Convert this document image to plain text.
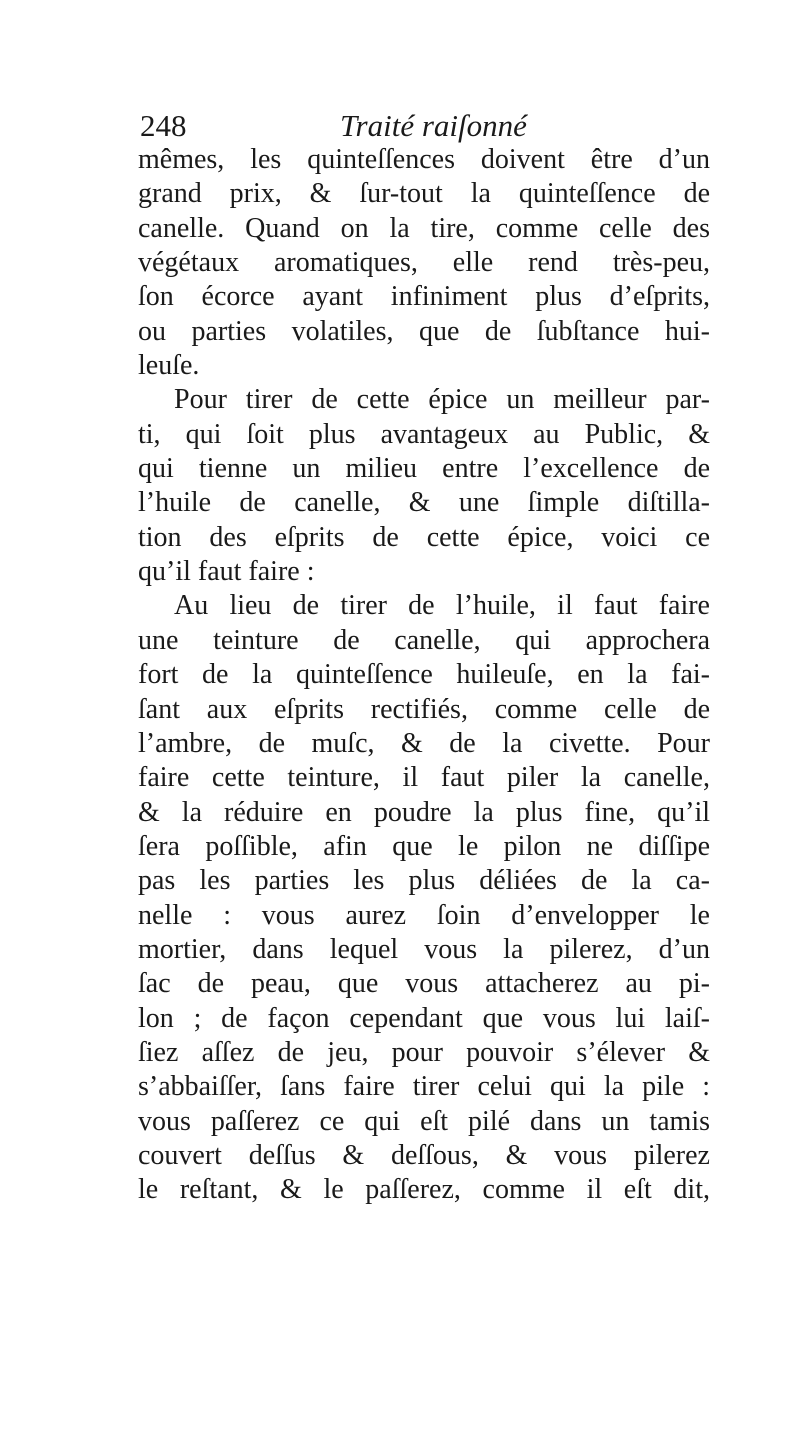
248	Traité raiſonné
mêmes, les quinteſſences doivent être d’un
grand prix, & ſur-tout la quinteſſence de
canelle. Quand on la tire, comme celle des
végétaux aromatiques, elle rend très-peu,
ſon écorce ayant infiniment plus d’eſprits,
ou parties volatiles, que de ſubſtance hui-
leuſe.
Pour tirer de cette épice un meilleur par-
ti, qui ſoit plus avantageux au Public, &
qui tienne un milieu entre l’excellence de
l’huile de canelle, & une ſimple diſtilla-
tion des eſprits de cette épice, voici ce
qu’il faut faire :
Au lieu de tirer de l’huile, il faut faire
une teinture de canelle, qui approchera
fort de la quinteſſence huileuſe, en la fai-
ſant aux eſprits rectifiés, comme celle de
l’ambre, de muſc, & de la civette. Pour
faire cette teinture, il faut piler la canelle,
& la réduire en poudre la plus fine, qu’il
ſera poſſible, afin que le pilon ne diſſipe
pas les parties les plus déliées de la ca-
nelle : vous aurez ſoin d’envelopper le
mortier, dans lequel vous la pilerez, d’un
ſac de peau, que vous attacherez au pi-
lon ; de façon cependant que vous lui laiſ-
ſiez aſſez de jeu, pour pouvoir s’élever &
s’abbaiſſer, ſans faire tirer celui qui la pile :
vous paſſerez ce qui eſt pilé dans un tamis
couvert deſſus & deſſous, & vous pilerez
le reſtant, & le paſſerez, comme il eſt dit,
